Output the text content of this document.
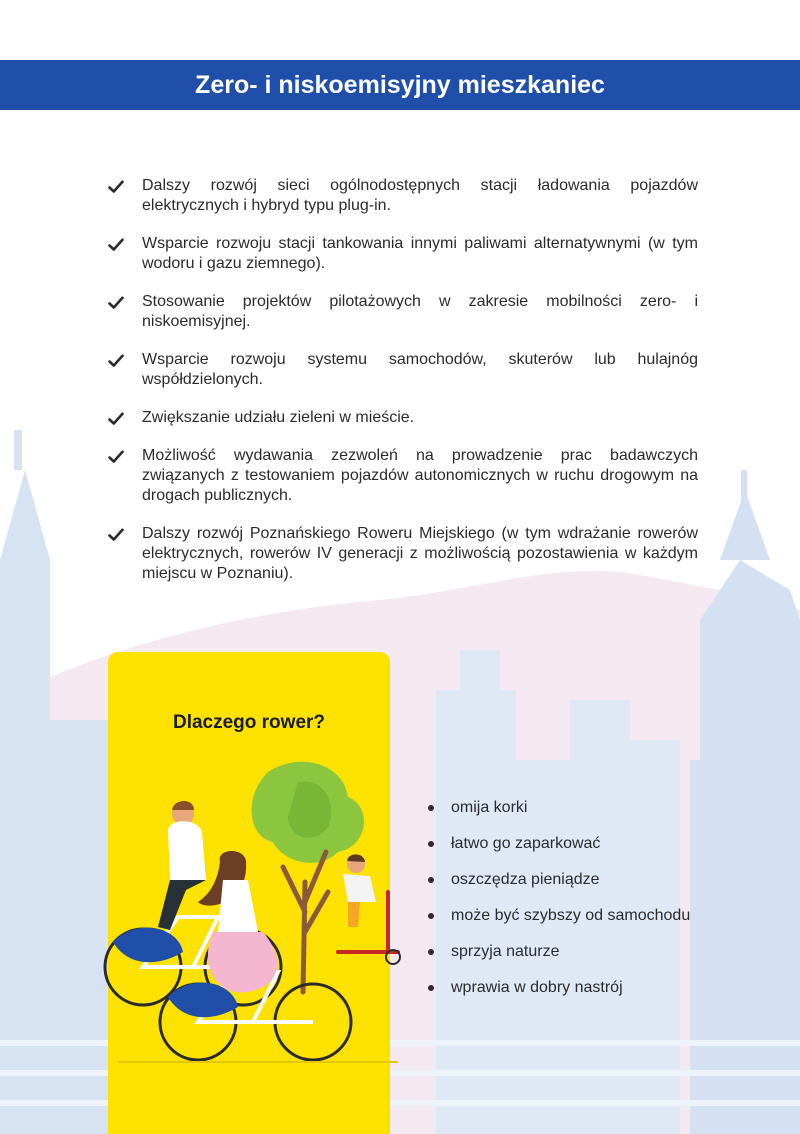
Zero- i niskoemisyjny mieszkaniec
Dalszy rozwój sieci ogólnodostępnych stacji ładowania pojazdów elektrycznych i hybryd typu plug-in.
Wsparcie rozwoju stacji tankowania innymi paliwami alternatywnymi (w tym wodoru i gazu ziemnego).
Stosowanie projektów pilotażowych w zakresie mobilności zero- i niskoemisyjnej.
Wsparcie rozwoju systemu samochodów, skuterów lub hulajnóg współdzielonych.
Zwiększanie udziału zieleni w mieście.
Możliwość wydawania zezwoleń na prowadzenie prac badawczych związanych z testowaniem pojazdów autonomicznych w ruchu drogowym na drogach publicznych.
Dalszy rozwój Poznańskiego Roweru Miejskiego (w tym wdrażanie rowerów elektrycznych, rowerów IV generacji z możliwością pozostawienia w każdym miejscu w Poznaniu).
Dlaczego rower?
omija korki
łatwo go zaparkować
oszczędza pieniądze
może być szybszy od samochodu
sprzyja naturze
wprawia w dobry nastrój
